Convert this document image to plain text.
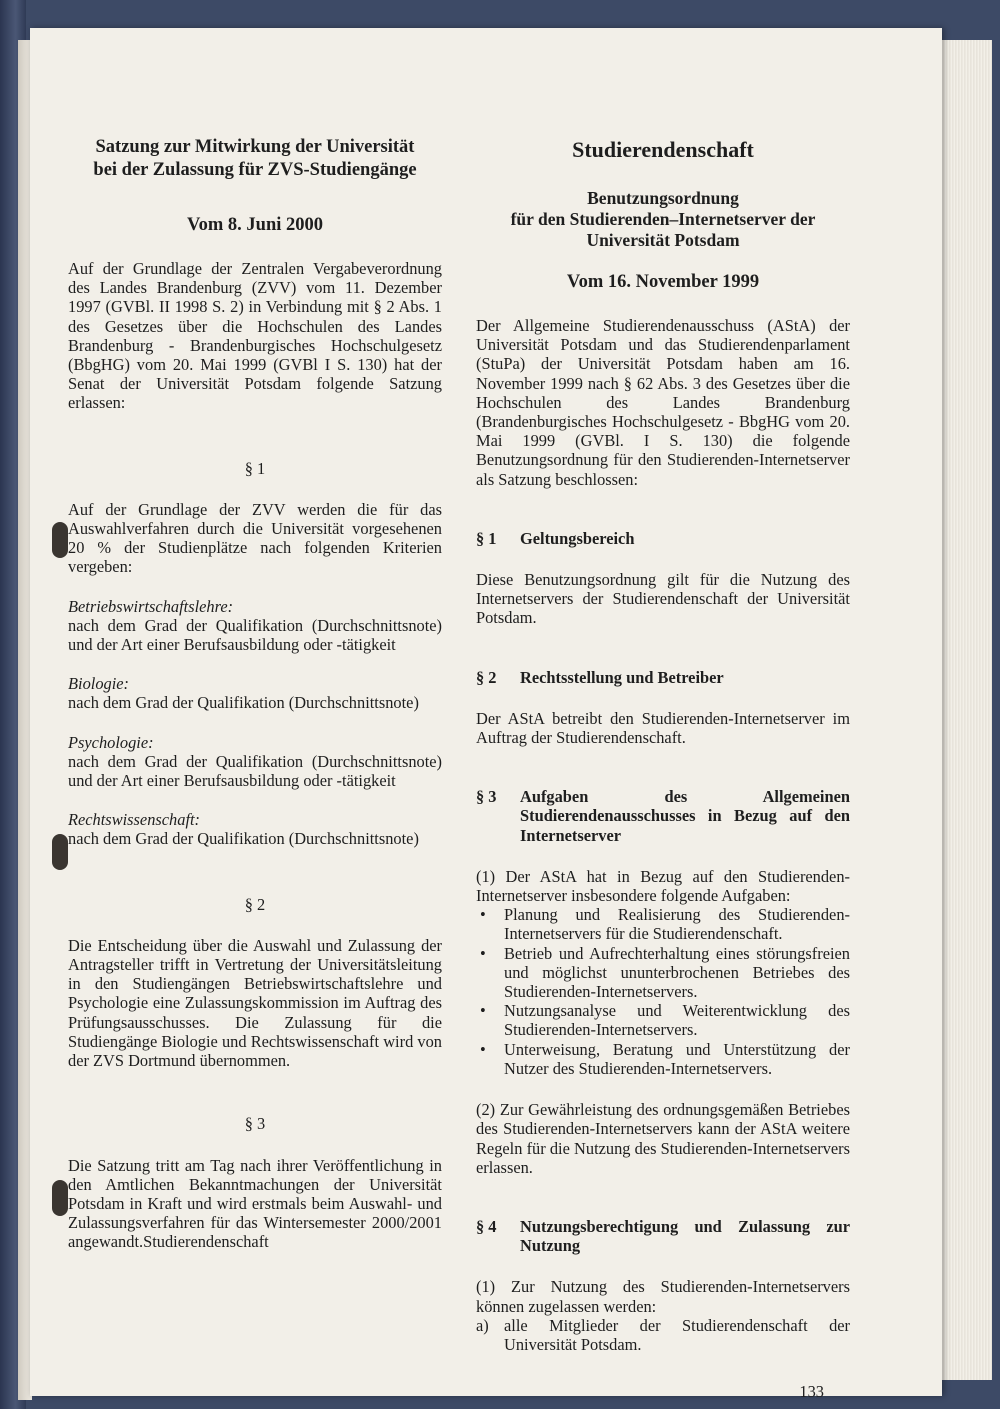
Satzung zur Mitwirkung der Universität
bei der Zulassung für ZVS-Studiengänge
Vom 8. Juni 2000

Auf der Grundlage der Zentralen Vergabeverordnung des Landes Brandenburg (ZVV) vom 11. Dezember 1997 (GVBl. II 1998 S. 2) in Verbindung mit § 2 Abs. 1 des Gesetzes über die Hochschulen des Landes Brandenburg - Brandenburgisches Hochschulgesetz (BbgHG) vom 20. Mai 1999 (GVBl I S. 130) hat der Senat der Universität Potsdam folgende Satzung erlassen:

§ 1

Auf der Grundlage der ZVV werden die für das Auswahlverfahren durch die Universität vorgesehenen 20 % der Studienplätze nach folgenden Kriterien vergeben:

Betriebswirtschaftslehre:
nach dem Grad der Qualifikation (Durchschnittsnote) und der Art einer Berufsausbildung oder -tätigkeit
Biologie:
nach dem Grad der Qualifikation (Durchschnittsnote)
Psychologie:
nach dem Grad der Qualifikation (Durchschnittsnote) und der Art einer Berufsausbildung oder -tätigkeit
Rechtswissenschaft:
nach dem Grad der Qualifikation (Durchschnittsnote)

§ 2

Die Entscheidung über die Auswahl und Zulassung der Antragsteller trifft in Vertretung der Universitätsleitung in den Studiengängen Betriebswirtschaftslehre und Psychologie eine Zulassungskommission im Auftrag des Prüfungsausschusses. Die Zulassung für die Studiengänge Biologie und Rechtswissenschaft wird von der ZVS Dortmund übernommen.

§ 3

Die Satzung tritt am Tag nach ihrer Veröffentlichung in den Amtlichen Bekanntmachungen der Universität Potsdam in Kraft und wird erstmals beim Auswahl- und Zulassungsverfahren für das Wintersemester 2000/2001 angewandt.Studierendenschaft

Studierendenschaft
Benutzungsordnung
für den Studierenden–Internetserver der
Universität Potsdam
Vom 16. November 1999

Der Allgemeine Studierendenausschuss (AStA) der Universität Potsdam und das Studierendenparlament (StuPa) der Universität Potsdam haben am 16. November 1999 nach § 62 Abs. 3 des Gesetzes über die Hochschulen des Landes Brandenburg (Brandenburgisches Hochschulgesetz - BbgHG vom 20. Mai 1999 (GVBl. I S. 130) die folgende Benutzungsordnung für den Studierenden-Internetserver als Satzung beschlossen:

§ 1	Geltungsbereich

Diese Benutzungsordnung gilt für die Nutzung des Internetservers der Studierendenschaft der Universität Potsdam.

§ 2	Rechtsstellung und Betreiber

Der AStA betreibt den Studierenden-Internetserver im Auftrag der Studierendenschaft.

§ 3	Aufgaben des Allgemeinen Studierendenausschusses in Bezug auf den Internetserver

(1) Der AStA hat in Bezug auf den Studierenden-Internetserver insbesondere folgende Aufgaben:

• Planung und Realisierung des Studierenden-Internetservers für die Studierendenschaft.
• Betrieb und Aufrechterhaltung eines störungsfreien und möglichst ununterbrochenen Betriebes des Studierenden-Internetservers.
• Nutzungsanalyse und Weiterentwicklung des Studierenden-Internetservers.
• Unterweisung, Beratung und Unterstützung der Nutzer des Studierenden-Internetservers.

(2) Zur Gewährleistung des ordnungsgemäßen Betriebes des Studierenden-Internetservers kann der AStA weitere Regeln für die Nutzung des Studierenden-Internetservers erlassen.

§ 4	Nutzungsberechtigung und Zulassung zur Nutzung

(1) Zur Nutzung des Studierenden-Internetservers können zugelassen werden:

a) alle Mitglieder der Studierendenschaft der Universität Potsdam.
133
